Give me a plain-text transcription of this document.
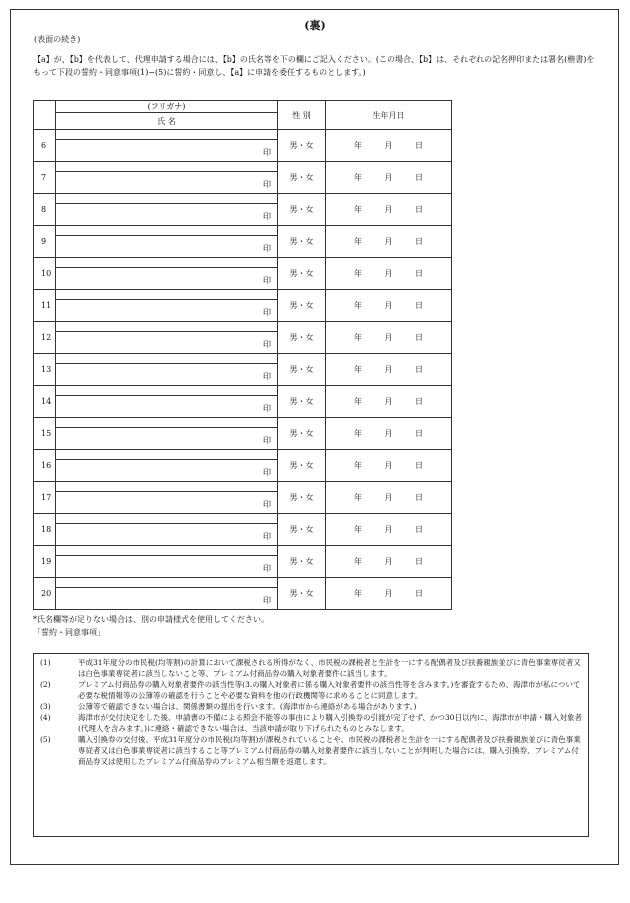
(裏)
(表面の続き)
【a】が、【b】を代表して、代理申請する場合には、【b】の氏名等を下の欄にご記入ください。(この場合、【b】は、それぞれの記名押印または署名(楷書)をもって下段の誓約・同意事項(1)~(5)に誓約・同意し、【a】に申請を委任するものとします。)
	(フリガナ)	性 別	生年月日
	氏 名		
6		男・女	年 月 日

	印		

7		男・女	年 月 日

	印		

8		男・女	年 月 日

	印		

9		男・女	年 月 日

	印		

10		男・女	年 月 日

	印		

11		男・女	年 月 日

	印		

12		男・女	年 月 日

	印		

13		男・女	年 月 日

	印		

14		男・女	年 月 日

	印		

15		男・女	年 月 日

	印		

16		男・女	年 月 日

	印		

17		男・女	年 月 日

	印		

18		男・女	年 月 日

	印		

19		男・女	年 月 日

	印		

20		男・女	年 月 日

	印		
*氏名欄等が足りない場合は、別の申請様式を使用してください。
「誓約・同意事項」
(1)	平成31年度分の市民税(均等割)の計算において課税される所得がなく、市民税の課税者と生計を一にする配偶者及び扶養親族並びに青色事業専従者又は白色事業専従者に該当しないこと等、プレミアム付商品券の購入対象者要件に該当します。
(2)	プレミアム付商品券の購入対象者要件の該当性等(3.の購入対象者に係る購入対象者要件の該当性等を含みます。)を審査するため、海津市が私について必要な税情報等の公簿等の確認を行うことや必要な資料を他の行政機関等に求めることに同意します。
(3)	公簿等で確認できない場合は、関係書類の提出を行います。(海津市から連絡がある場合があります。)
(4)	海津市が交付決定をした後、申請書の不備による照会不能等の事由により購入引換券の引渡が完了せず、かつ30日以内に、海津市が申請・購入対象者(代理人を含みます。)に連絡・確認できない場合は、当該申請が取り下げられたものとみなします。
(5)	購入引換券の交付後、平成31年度分の市民税(均等割)が課税されていることや、市民税の課税者と生計を一にする配偶者及び扶養親族並びに青色事業専従者又は白色事業専従者に該当すること等プレミアム付商品券の購入対象者要件に該当しないことが判明した場合には、購入引換券、プレミアム付商品券又は使用したプレミアム付商品券のプレミアム相当額を返還します。
